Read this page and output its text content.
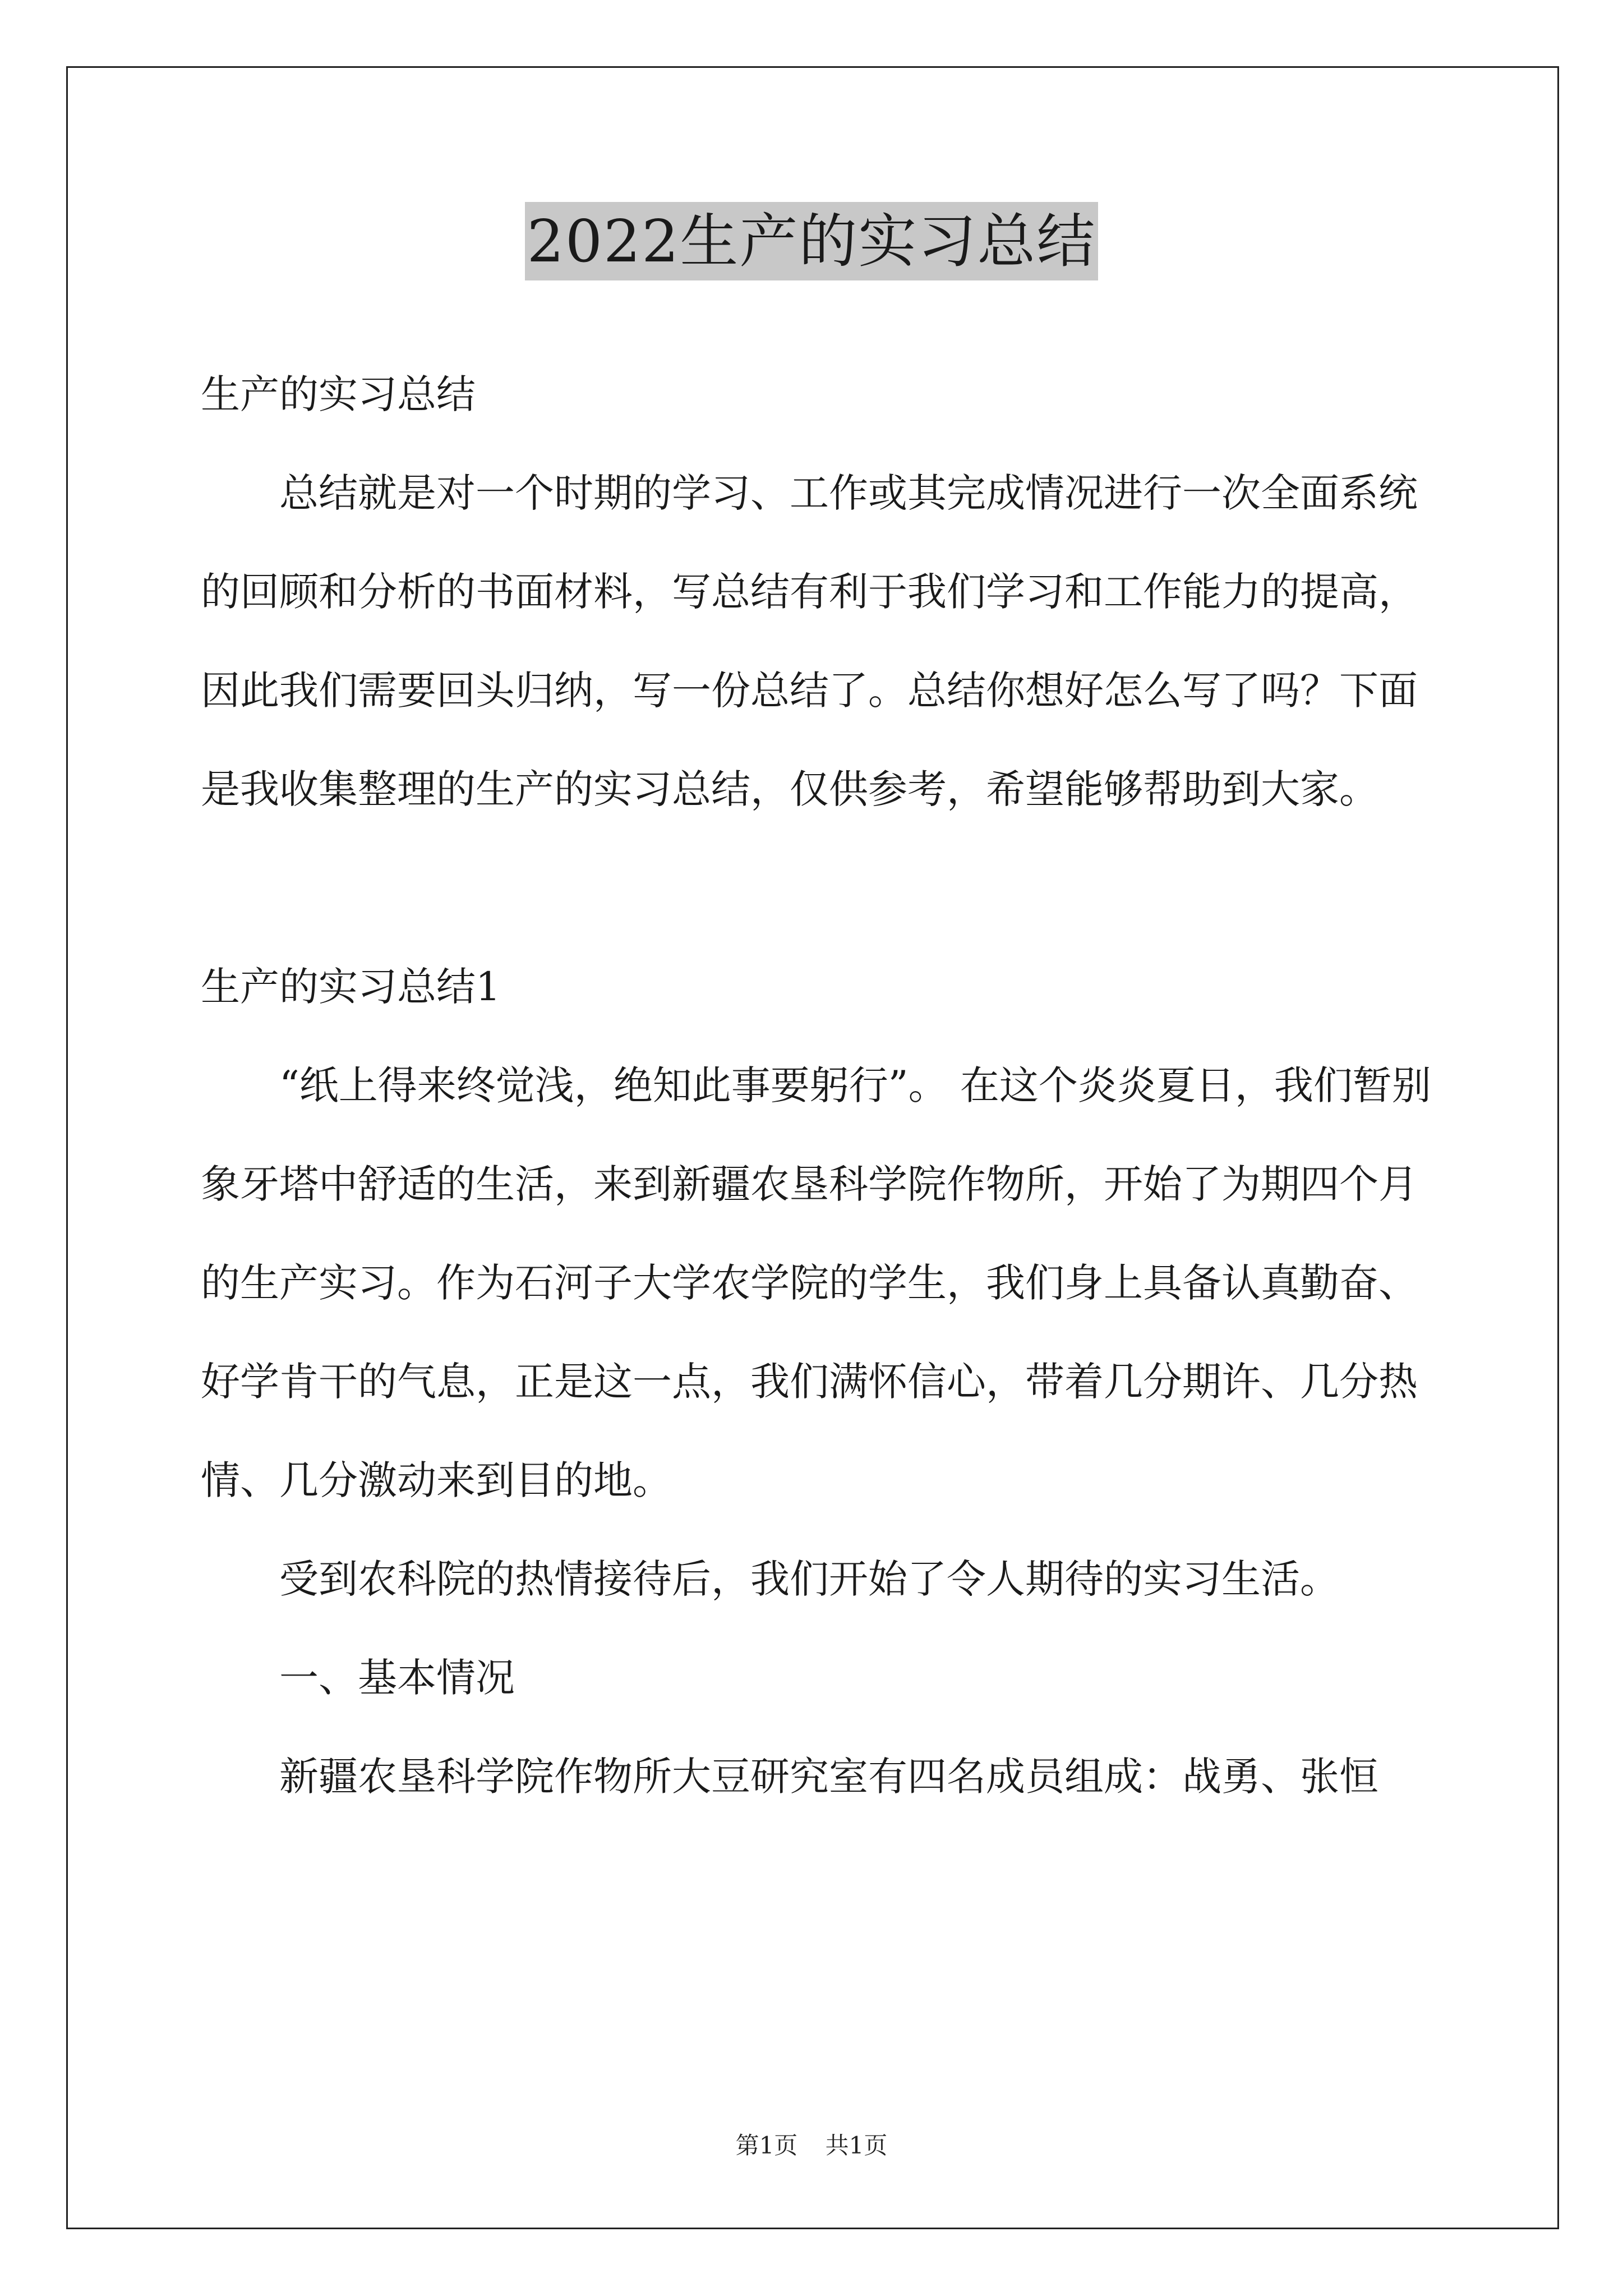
2022生产的实习总结

生产的实习总结

总结就是对一个时期的学习、工作或其完成情况进行一次全面系统的回顾和分析的书面材料，写总结有利于我们学习和工作能力的提高，因此我们需要回头归纳，写一份总结了。总结你想好怎么写了吗？下面是我收集整理的生产的实习总结，仅供参考，希望能够帮助到大家。

生产的实习总结1

“纸上得来终觉浅，绝知此事要躬行”。 在这个炎炎夏日，我们暂别象牙塔中舒适的生活，来到新疆农垦科学院作物所，开始了为期四个月的生产实习。作为石河子大学农学院的学生，我们身上具备认真勤奋、好学肯干的气息，正是这一点，我们满怀信心，带着几分期许、几分热情、几分激动来到目的地。

受到农科院的热情接待后，我们开始了令人期待的实习生活。

一、基本情况

新疆农垦科学院作物所大豆研究室有四名成员组成：战勇、张恒

第1页 共1页
